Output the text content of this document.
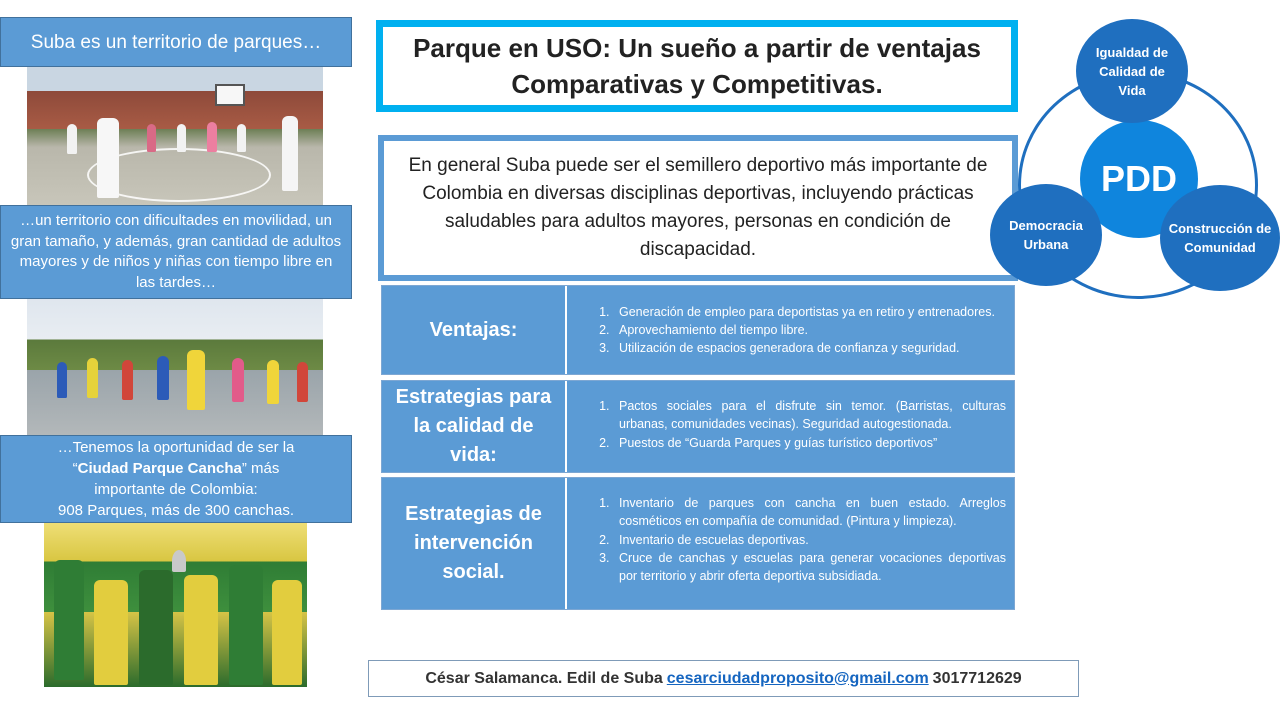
Suba es un territorio de parques…
…un territorio con dificultades en movilidad, un gran tamaño, y además, gran cantidad de adultos mayores y de niños y niñas con tiempo libre en las tardes…
…Tenemos la oportunidad de ser la
“Ciudad Parque Cancha” más
importante de Colombia:
908 Parques, más de 300 canchas.
Parque en USO: Un sueño a partir de ventajas Comparativas y Competitivas.
En general Suba puede ser el semillero deportivo más importante de Colombia en diversas disciplinas deportivas, incluyendo prácticas saludables para adultos mayores, personas en condición de discapacidad.
Ventajas:
1. Generación de empleo para deportistas ya en retiro y entrenadores.
2. Aprovechamiento del tiempo libre.
3. Utilización de espacios generadora de confianza y seguridad.
Estrategias para la calidad de vida:
1. Pactos sociales para el disfrute sin temor. (Barristas, culturas urbanas, comunidades vecinas). Seguridad autogestionada.
2. Puestos de “Guarda Parques y guías turístico deportivos”
Estrategias de intervención social.
1. Inventario de parques con cancha en buen estado. Arreglos cosméticos en compañía de comunidad. (Pintura y limpieza).
2. Inventario de escuelas deportivas.
3. Cruce de canchas y escuelas para generar vocaciones deportivas por territorio y abrir oferta deportiva subsidiada.
César Salamanca. Edil de Suba cesarciudadproposito@gmail.com 3017712629
PDD
Igualdad de Calidad de Vida
Democracia Urbana
Construcción de Comunidad
